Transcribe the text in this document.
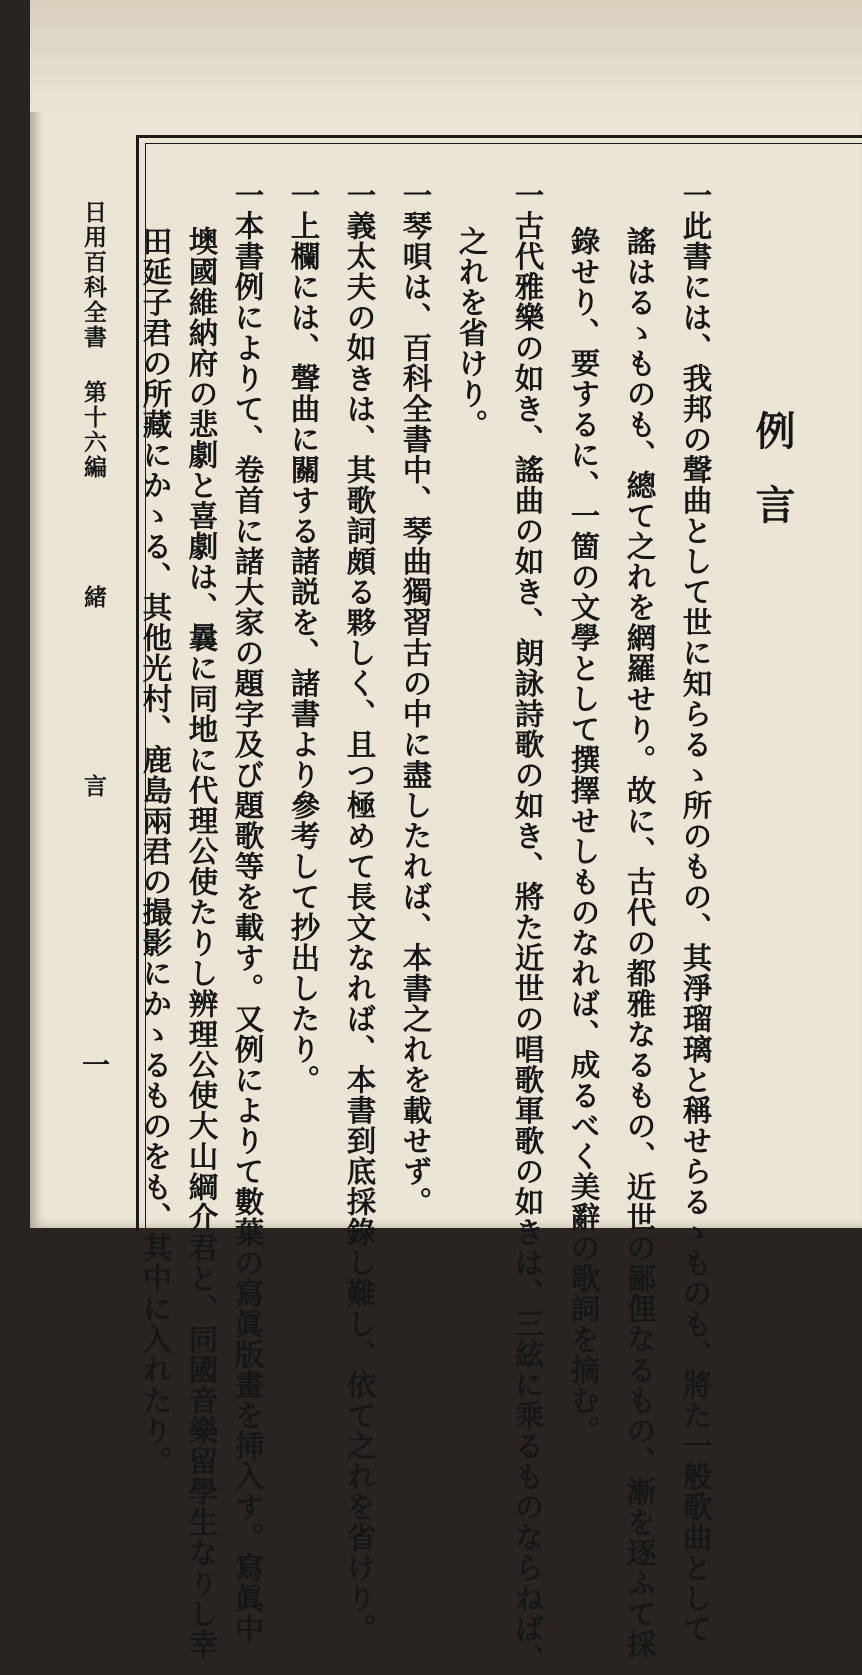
例言
一此書には、我邦の聲曲として世に知らるゝ所のもの、其淨瑠璃と稱せらるゝものも、將た一般歌曲として
謠はるゝものも、總て之れを網羅せり。故に、古代の都雅なるもの、近世の鄙俚なるもの、漸を逐ふて採
錄せり、要するに、一箇の文學として撰擇せしものなれば、成るべく美辭の歌詞を摘む。
一古代雅樂の如き、謠曲の如き、朗詠詩歌の如き、將た近世の唱歌軍歌の如きは、三絃に乘るものならねば、
之れを省けり。
一琴唄は、百科全書中、琴曲獨習古の中に盡したれば、本書之れを載せず。
一義太夫の如きは、其歌詞頗る夥しく、且つ極めて長文なれば、本書到底採錄し難し、依て之れを省けり。
一上欄には、聲曲に關する諸説を、諸書より參考して抄出したり。
一本書例によりて、卷首に諸大家の題字及び題歌等を載す。又例によりて數葉の寫眞版畫を挿入す。寫眞中
墺國維納府の悲劇と喜劇は、曩に同地に代理公使たりし辨理公使大山綱介君と、同國音樂留學生なりし幸
田延子君の所藏にかゝる、其他光村、鹿島兩君の撮影にかゝるものをも、其中に入れたり。
日用百科全書
第十六編
緒　　言
一
